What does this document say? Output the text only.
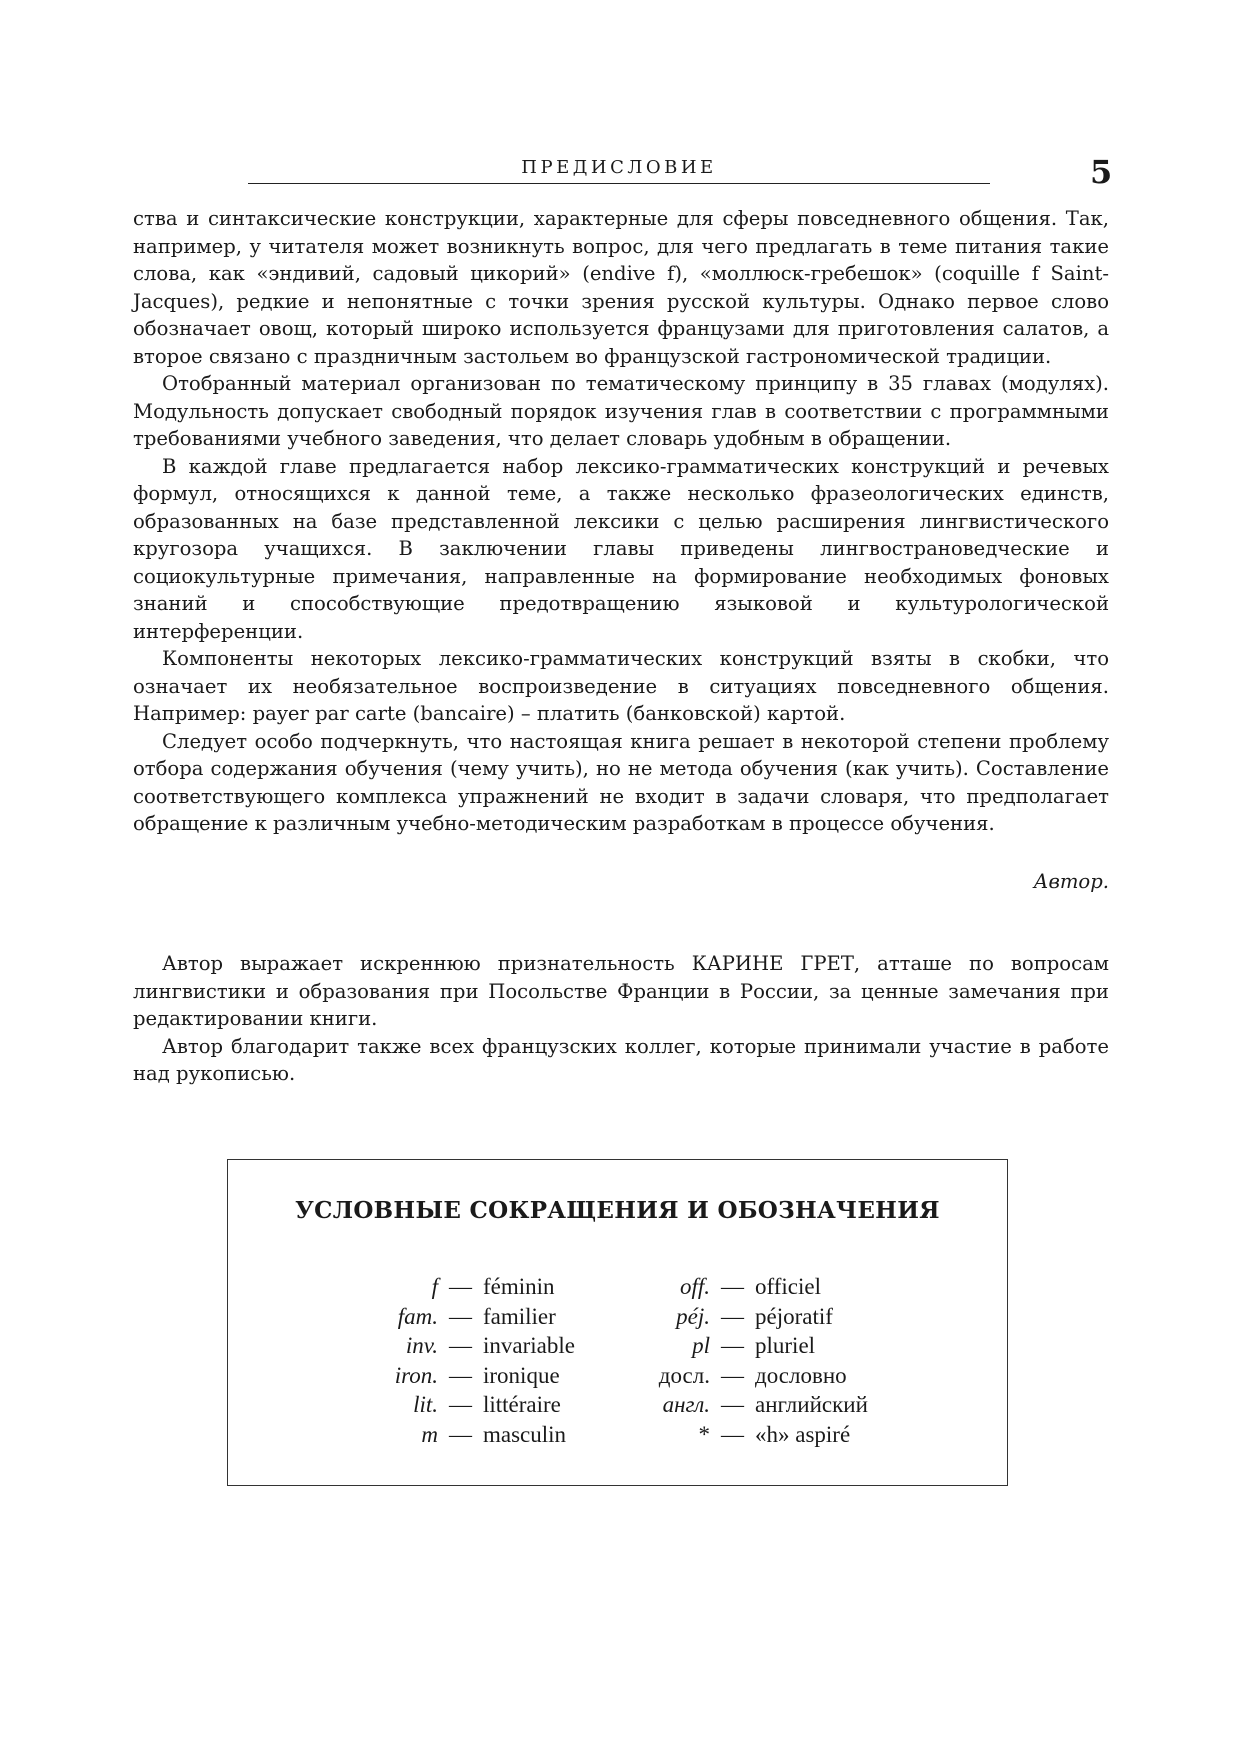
ПРЕДИСЛОВИЕ	5

ства и синтаксические конструкции, характерные для сферы повседневного общения. Так, например, у читателя может возникнуть вопрос, для чего предлагать в теме питания такие слова, как «эндивий, садовый цикорий» (endive f), «моллюск-гребешок» (coquille f Saint-Jacques), редкие и непонятные с точки зрения русской культуры. Однако первое слово обозначает овощ, который широко используется французами для приготовления салатов, а второе связано с праздничным застольем во французской гастрономической традиции.

Отобранный материал организован по тематическому принципу в 35 главах (модулях). Модульность допускает свободный порядок изучения глав в соответствии с программными требованиями учебного заведения, что делает словарь удобным в обращении.

В каждой главе предлагается набор лексико-грамматических конструкций и речевых формул, относящихся к данной теме, а также несколько фразеологических единств, образованных на базе представленной лексики с целью расширения лингвистического кругозора учащихся. В заключении главы приведены лингвострановедческие и социокультурные примечания, направленные на формирование необходимых фоновых знаний и способствующие предотвращению языковой и культурологической интерференции.

Компоненты некоторых лексико-грамматических конструкций взяты в скобки, что означает их необязательное воспроизведение в ситуациях повседневного общения. Например: payer par carte (bancaire) – платить (банковской) картой.

Следует особо подчеркнуть, что настоящая книга решает в некоторой степени проблему отбора содержания обучения (чему учить), но не метода обучения (как учить). Составление соответствующего комплекса упражнений не входит в задачи словаря, что предполагает обращение к различным учебно-методическим разработкам в процессе обучения.

Автор.

Автор выражает искреннюю признательность КАРИНЕ ГРЕТ, атташе по вопросам лингвистики и образования при Посольстве Франции в России, за ценные замечания при редактировании книги.

Автор благодарит также всех французских коллег, которые принимали участие в работе над рукописью.

УСЛОВНЫЕ СОКРАЩЕНИЯ И ОБОЗНАЧЕНИЯ
f — féminin
fam. — familier
inv. — invariable
iron. — ironique
lit. — littéraire
m — masculin
off. — officiel
péj. — péjoratif
pl — pluriel
досл. — дословно
англ. — английский
* — «h» aspiré
